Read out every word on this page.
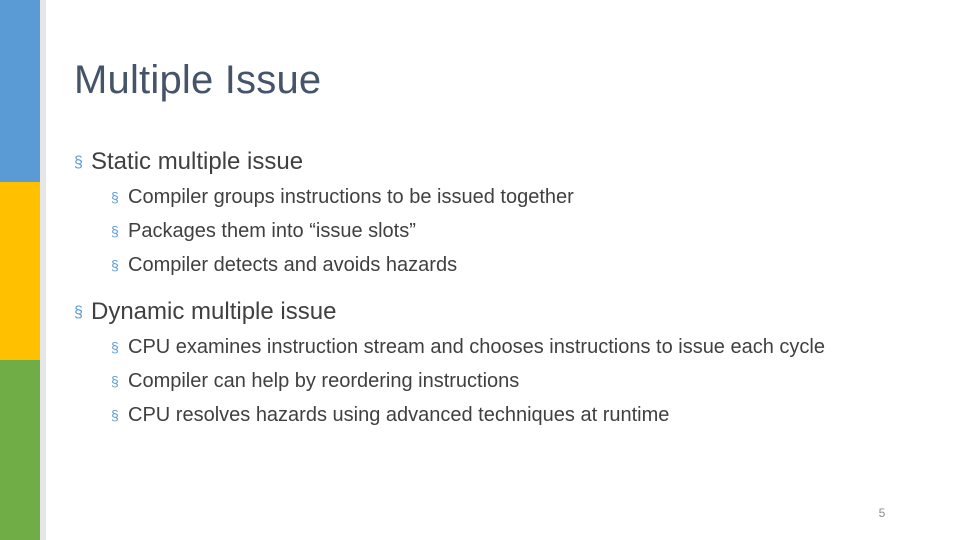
Multiple Issue
§ Static multiple issue
§ Compiler groups instructions to be issued together
§ Packages them into “issue slots”
§ Compiler detects and avoids hazards
§ Dynamic multiple issue
§ CPU examines instruction stream and chooses instructions to issue each cycle
§ Compiler can help by reordering instructions
§ CPU resolves hazards using advanced techniques at runtime
5
